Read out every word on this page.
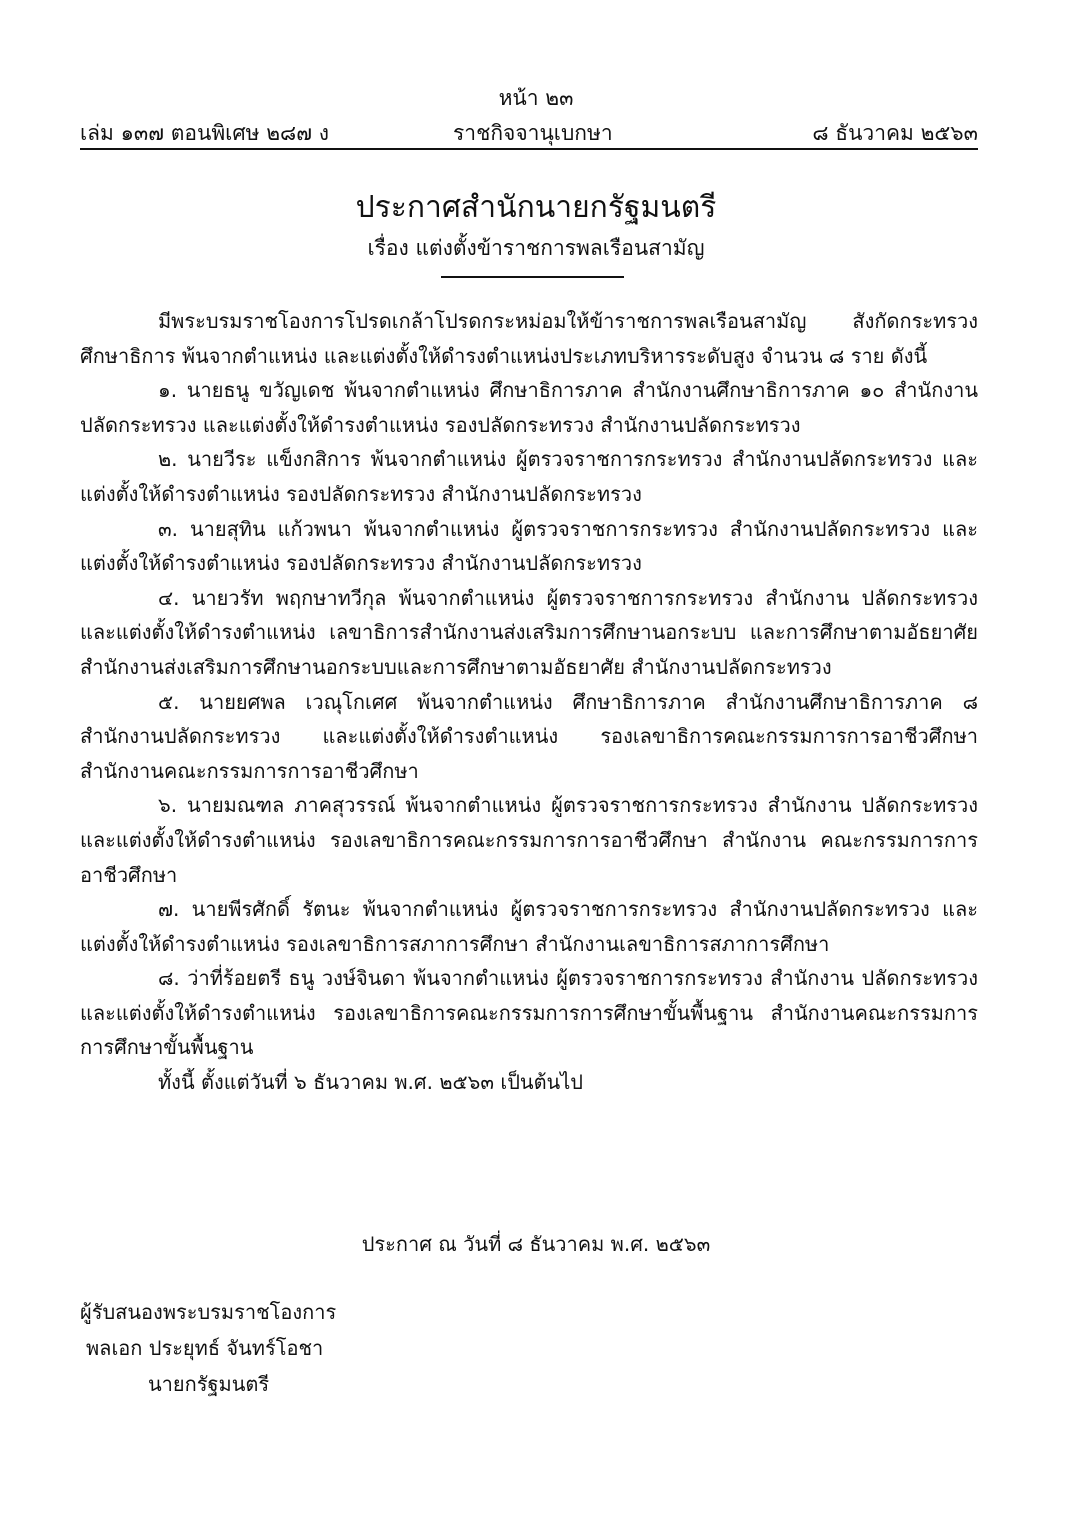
หน้า ๒๓
เล่ม ๑๓๗ ตอนพิเศษ ๒๘๗ ง	ราชกิจจานุเบกษา	๘ ธันวาคม ๒๕๖๓
ประกาศสำนักนายกรัฐมนตรี
เรื่อง แต่งตั้งข้าราชการพลเรือนสามัญ

มีพระบรมราชโองการโปรดเกล้าโปรดกระหม่อมให้ข้าราชการพลเรือนสามัญ สังกัดกระทรวงศึกษาธิการ พ้นจากตำแหน่ง และแต่งตั้งให้ดำรงตำแหน่งประเภทบริหารระดับสูง จำนวน ๘ ราย ดังนี้

๑. นายธนู ขวัญเดช พ้นจากตำแหน่ง ศึกษาธิการภาค สำนักงานศึกษาธิการภาค ๑๐ สำนักงานปลัดกระทรวง และแต่งตั้งให้ดำรงตำแหน่ง รองปลัดกระทรวง สำนักงานปลัดกระทรวง

๒. นายวีระ แข็งกสิการ พ้นจากตำแหน่ง ผู้ตรวจราชการกระทรวง สำนักงานปลัดกระทรวง และแต่งตั้งให้ดำรงตำแหน่ง รองปลัดกระทรวง สำนักงานปลัดกระทรวง

๓. นายสุทิน แก้วพนา พ้นจากตำแหน่ง ผู้ตรวจราชการกระทรวง สำนักงานปลัดกระทรวง และแต่งตั้งให้ดำรงตำแหน่ง รองปลัดกระทรวง สำนักงานปลัดกระทรวง

๔. นายวรัท พฤกษาทวีกุล พ้นจากตำแหน่ง ผู้ตรวจราชการกระทรวง สำนักงาน ปลัดกระทรวง และแต่งตั้งให้ดำรงตำแหน่ง เลขาธิการสำนักงานส่งเสริมการศึกษานอกระบบ และการศึกษาตามอัธยาศัย สำนักงานส่งเสริมการศึกษานอกระบบและการศึกษาตามอัธยาศัย สำนักงานปลัดกระทรวง

๕. นายยศพล เวณุโกเศศ พ้นจากตำแหน่ง ศึกษาธิการภาค สำนักงานศึกษาธิการภาค ๘ สำนักงานปลัดกระทรวง และแต่งตั้งให้ดำรงตำแหน่ง รองเลขาธิการคณะกรรมการการอาชีวศึกษา สำนักงานคณะกรรมการการอาชีวศึกษา

๖. นายมณฑล ภาคสุวรรณ์ พ้นจากตำแหน่ง ผู้ตรวจราชการกระทรวง สำนักงาน ปลัดกระทรวง และแต่งตั้งให้ดำรงตำแหน่ง รองเลขาธิการคณะกรรมการการอาชีวศึกษา สำนักงาน คณะกรรมการการอาชีวศึกษา

๗. นายพีรศักดิ์ รัตนะ พ้นจากตำแหน่ง ผู้ตรวจราชการกระทรวง สำนักงานปลัดกระทรวง และแต่งตั้งให้ดำรงตำแหน่ง รองเลขาธิการสภาการศึกษา สำนักงานเลขาธิการสภาการศึกษา

๘. ว่าที่ร้อยตรี ธนู วงษ์จินดา พ้นจากตำแหน่ง ผู้ตรวจราชการกระทรวง สำนักงาน ปลัดกระทรวง และแต่งตั้งให้ดำรงตำแหน่ง รองเลขาธิการคณะกรรมการการศึกษาขั้นพื้นฐาน สำนักงานคณะกรรมการการศึกษาขั้นพื้นฐาน

ทั้งนี้ ตั้งแต่วันที่ ๖ ธันวาคม พ.ศ. ๒๕๖๓ เป็นต้นไป

ประกาศ ณ วันที่ ๘ ธันวาคม พ.ศ. ๒๕๖๓
ผู้รับสนองพระบรมราชโองการ
พลเอก ประยุทธ์ จันทร์โอชา
นายกรัฐมนตรี
